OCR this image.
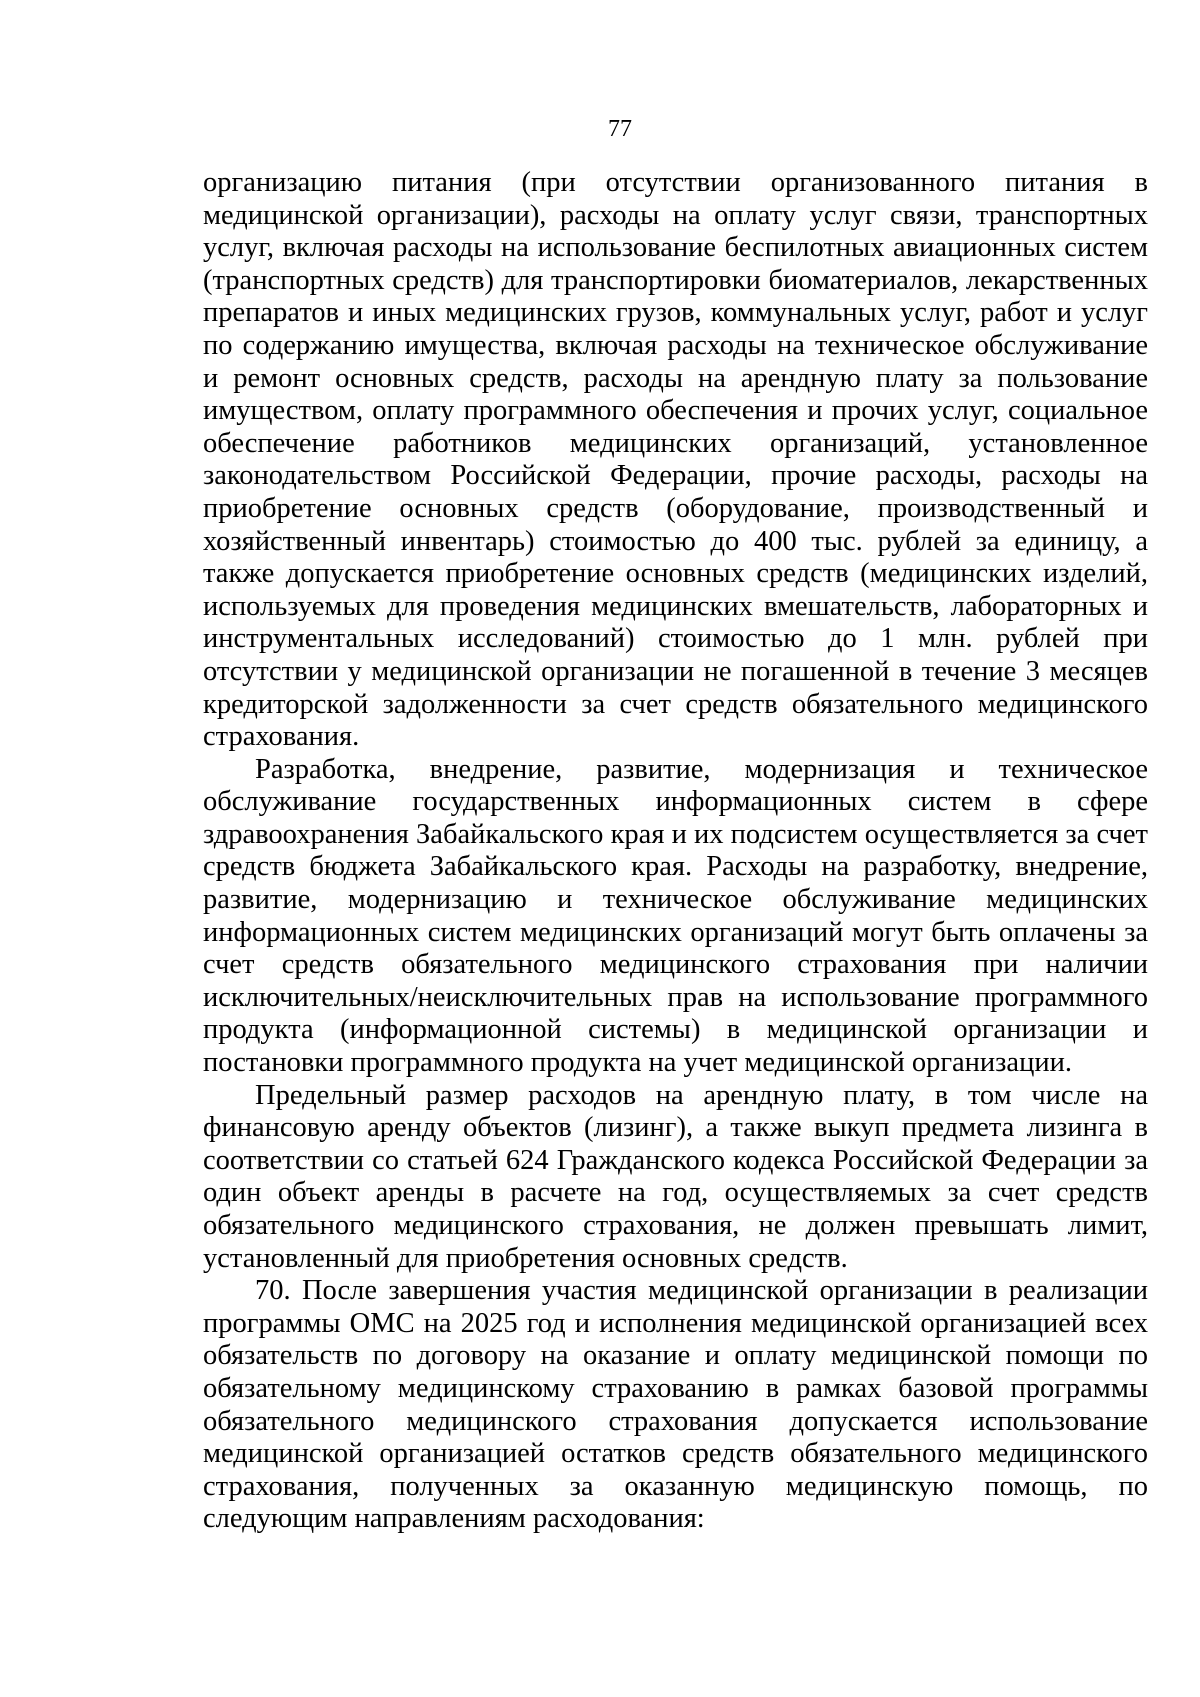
77

организацию питания (при отсутствии организованного питания в медицинской организации), расходы на оплату услуг связи, транспортных услуг, включая расходы на использование беспилотных авиационных систем (транспортных средств) для транспортировки биоматериалов, лекарственных препаратов и иных медицинских грузов, коммунальных услуг, работ и услуг по содержанию имущества, включая расходы на техническое обслуживание и ремонт основных средств, расходы на арендную плату за пользование имуществом, оплату программного обеспечения и прочих услуг, социальное обеспечение работников медицинских организаций, установленное законодательством Российской Федерации, прочие расходы, расходы на приобретение основных средств (оборудование, производственный и хозяйственный инвентарь) стоимостью до 400 тыс. рублей за единицу, а также допускается приобретение основных средств (медицинских изделий, используемых для проведения медицинских вмешательств, лабораторных и инструментальных исследований) стоимостью до 1 млн. рублей при отсутствии у медицинской организации не погашенной в течение 3 месяцев кредиторской задолженности за счет средств обязательного медицинского страхования.

Разработка, внедрение, развитие, модернизация и техническое обслуживание государственных информационных систем в сфере здравоохранения Забайкальского края и их подсистем осуществляется за счет средств бюджета Забайкальского края. Расходы на разработку, внедрение, развитие, модернизацию и техническое обслуживание медицинских информационных систем медицинских организаций могут быть оплачены за счет средств обязательного медицинского страхования при наличии исключительных/неисключительных прав на использование программного продукта (информационной системы) в медицинской организации и постановки программного продукта на учет медицинской организации.

Предельный размер расходов на арендную плату, в том числе на финансовую аренду объектов (лизинг), а также выкуп предмета лизинга в соответствии со статьей 624 Гражданского кодекса Российской Федерации за один объект аренды в расчете на год, осуществляемых за счет средств обязательного медицинского страхования, не должен превышать лимит, установленный для приобретения основных средств.

70. После завершения участия медицинской организации в реализации программы ОМС на 2025 год и исполнения медицинской организацией всех обязательств по договору на оказание и оплату медицинской помощи по обязательному медицинскому страхованию в рамках базовой программы обязательного медицинского страхования допускается использование медицинской организацией остатков средств обязательного медицинского страхования, полученных за оказанную медицинскую помощь, по следующим направлениям расходования:
